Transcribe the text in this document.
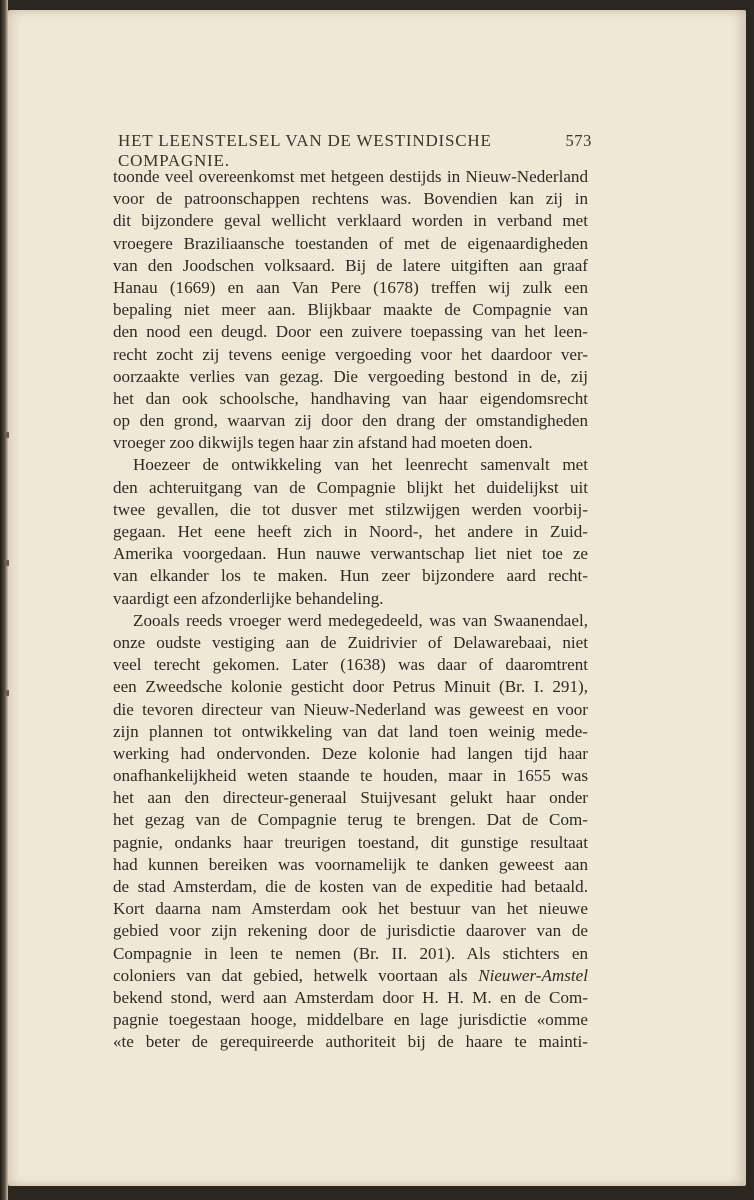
HET LEENSTELSEL VAN DE WESTINDISCHE COMPAGNIE.
573
toonde veel overeenkomst met hetgeen destijds in Nieuw-Nederland
voor de patroonschappen rechtens was. Bovendien kan zij in
dit bijzondere geval wellicht verklaard worden in verband met
vroegere Braziliaansche toestanden of met de eigenaardigheden
van den Joodschen volksaard. Bij de latere uitgiften aan graaf
Hanau (1669) en aan Van Pere (1678) treffen wij zulk een
bepaling niet meer aan. Blijkbaar maakte de Compagnie van
den nood een deugd. Door een zuivere toepassing van het leen-
recht zocht zij tevens eenige vergoeding voor het daardoor ver-
oorzaakte verlies van gezag. Die vergoeding bestond in de, zij
het dan ook schoolsche, handhaving van haar eigendomsrecht
op den grond, waarvan zij door den drang der omstandigheden
vroeger zoo dikwijls tegen haar zin afstand had moeten doen.
Hoezeer de ontwikkeling van het leenrecht samenvalt met
den achteruitgang van de Compagnie blijkt het duidelijkst uit
twee gevallen, die tot dusver met stilzwijgen werden voorbij-
gegaan. Het eene heeft zich in Noord-, het andere in Zuid-
Amerika voorgedaan. Hun nauwe verwantschap liet niet toe ze
van elkander los te maken. Hun zeer bijzondere aard recht-
vaardigt een afzonderlijke behandeling.
Zooals reeds vroeger werd medegedeeld, was van Swaanendael,
onze oudste vestiging aan de Zuidrivier of Delawarebaai, niet
veel terecht gekomen. Later (1638) was daar of daaromtrent
een Zweedsche kolonie gesticht door Petrus Minuit (Br. I. 291),
die tevoren directeur van Nieuw-Nederland was geweest en voor
zijn plannen tot ontwikkeling van dat land toen weinig mede-
werking had ondervonden. Deze kolonie had langen tijd haar
onafhankelijkheid weten staande te houden, maar in 1655 was
het aan den directeur-generaal Stuijvesant gelukt haar onder
het gezag van de Compagnie terug te brengen. Dat de Com-
pagnie, ondanks haar treurigen toestand, dit gunstige resultaat
had kunnen bereiken was voornamelijk te danken geweest aan
de stad Amsterdam, die de kosten van de expeditie had betaald.
Kort daarna nam Amsterdam ook het bestuur van het nieuwe
gebied voor zijn rekening door de jurisdictie daarover van de
Compagnie in leen te nemen (Br. II. 201). Als stichters en
coloniers van dat gebied, hetwelk voortaan als Nieuwer-Amstel
bekend stond, werd aan Amsterdam door H. H. M. en de Com-
pagnie toegestaan hooge, middelbare en lage jurisdictie «omme
«te beter de gerequireerde authoriteit bij de haare te mainti-
